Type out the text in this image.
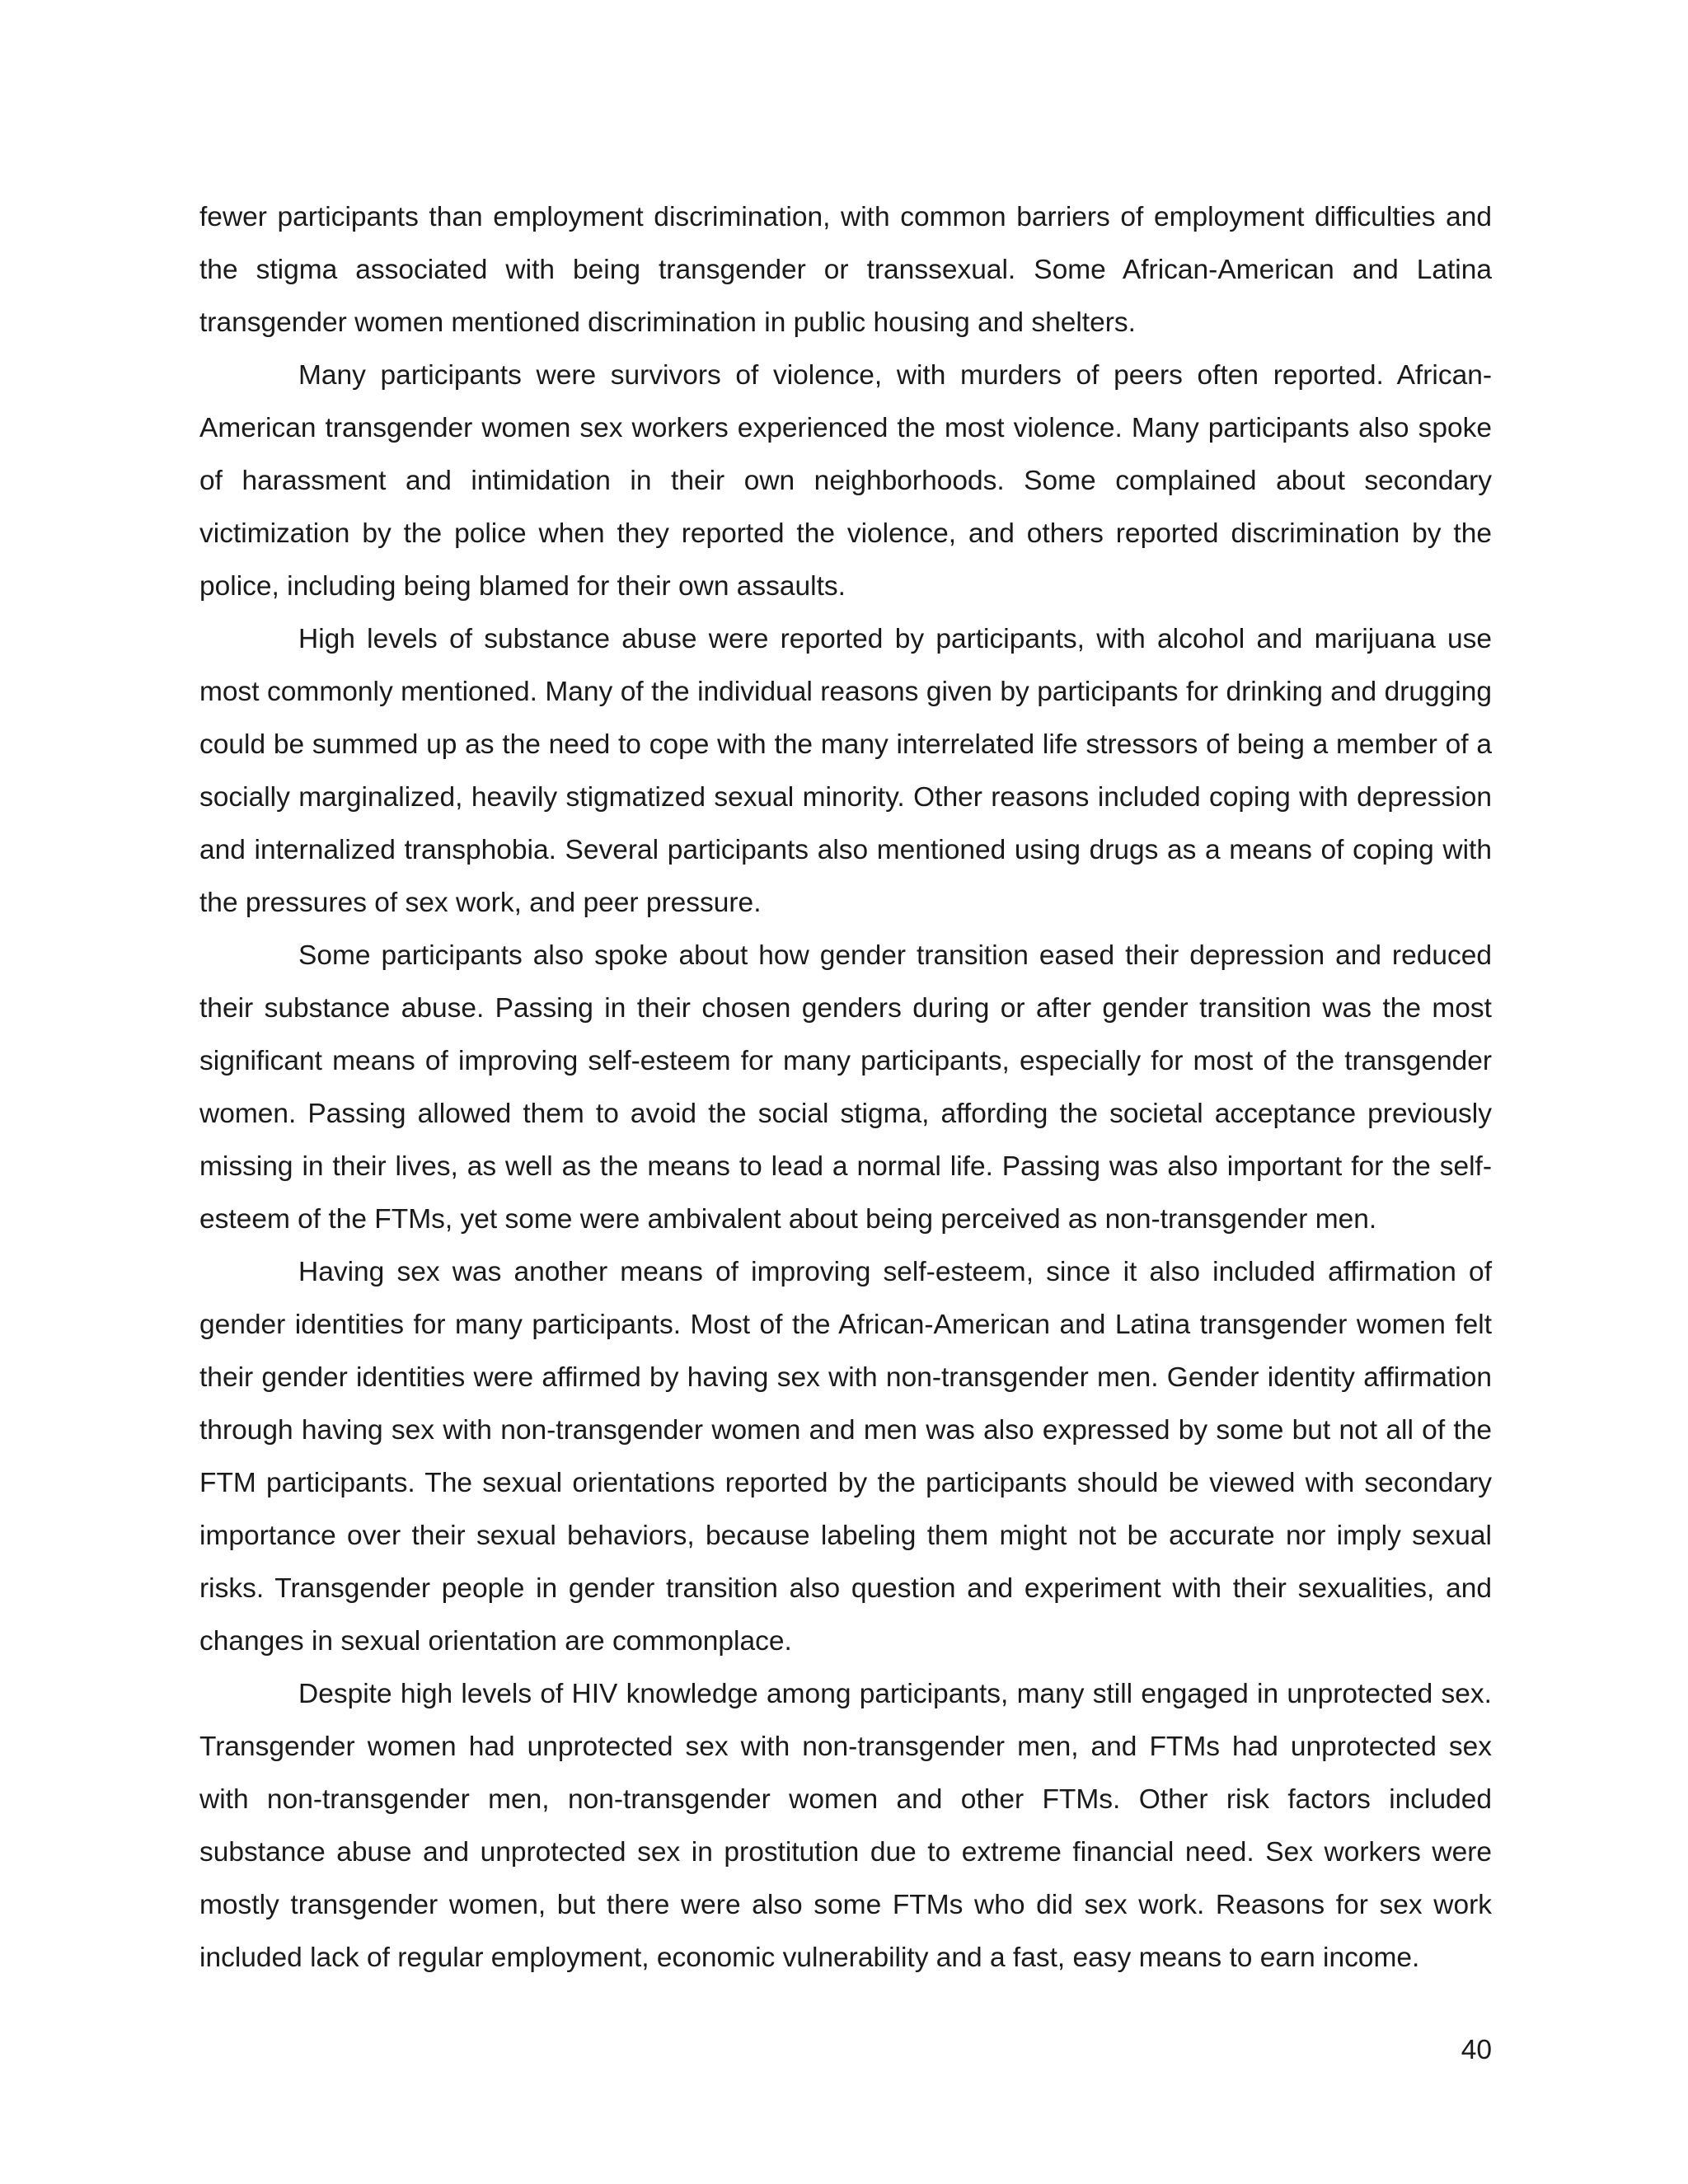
fewer participants than employment discrimination, with common barriers of employment difficulties and the stigma associated with being transgender or transsexual. Some African-American and Latina transgender women mentioned discrimination in public housing and shelters.

Many participants were survivors of violence, with murders of peers often reported. African-American transgender women sex workers experienced the most violence. Many participants also spoke of harassment and intimidation in their own neighborhoods. Some complained about secondary victimization by the police when they reported the violence, and others reported discrimination by the police, including being blamed for their own assaults.

High levels of substance abuse were reported by participants, with alcohol and marijuana use most commonly mentioned. Many of the individual reasons given by participants for drinking and drugging could be summed up as the need to cope with the many interrelated life stressors of being a member of a socially marginalized, heavily stigmatized sexual minority. Other reasons included coping with depression and internalized transphobia. Several participants also mentioned using drugs as a means of coping with the pressures of sex work, and peer pressure.

Some participants also spoke about how gender transition eased their depression and reduced their substance abuse. Passing in their chosen genders during or after gender transition was the most significant means of improving self-esteem for many participants, especially for most of the transgender women. Passing allowed them to avoid the social stigma, affording the societal acceptance previously missing in their lives, as well as the means to lead a normal life. Passing was also important for the self-esteem of the FTMs, yet some were ambivalent about being perceived as non-transgender men.

Having sex was another means of improving self-esteem, since it also included affirmation of gender identities for many participants. Most of the African-American and Latina transgender women felt their gender identities were affirmed by having sex with non-transgender men. Gender identity affirmation through having sex with non-transgender women and men was also expressed by some but not all of the FTM participants. The sexual orientations reported by the participants should be viewed with secondary importance over their sexual behaviors, because labeling them might not be accurate nor imply sexual risks. Transgender people in gender transition also question and experiment with their sexualities, and changes in sexual orientation are commonplace.

Despite high levels of HIV knowledge among participants, many still engaged in unprotected sex. Transgender women had unprotected sex with non-transgender men, and FTMs had unprotected sex with non-transgender men, non-transgender women and other FTMs. Other risk factors included substance abuse and unprotected sex in prostitution due to extreme financial need. Sex workers were mostly transgender women, but there were also some FTMs who did sex work. Reasons for sex work included lack of regular employment, economic vulnerability and a fast, easy means to earn income.

40
